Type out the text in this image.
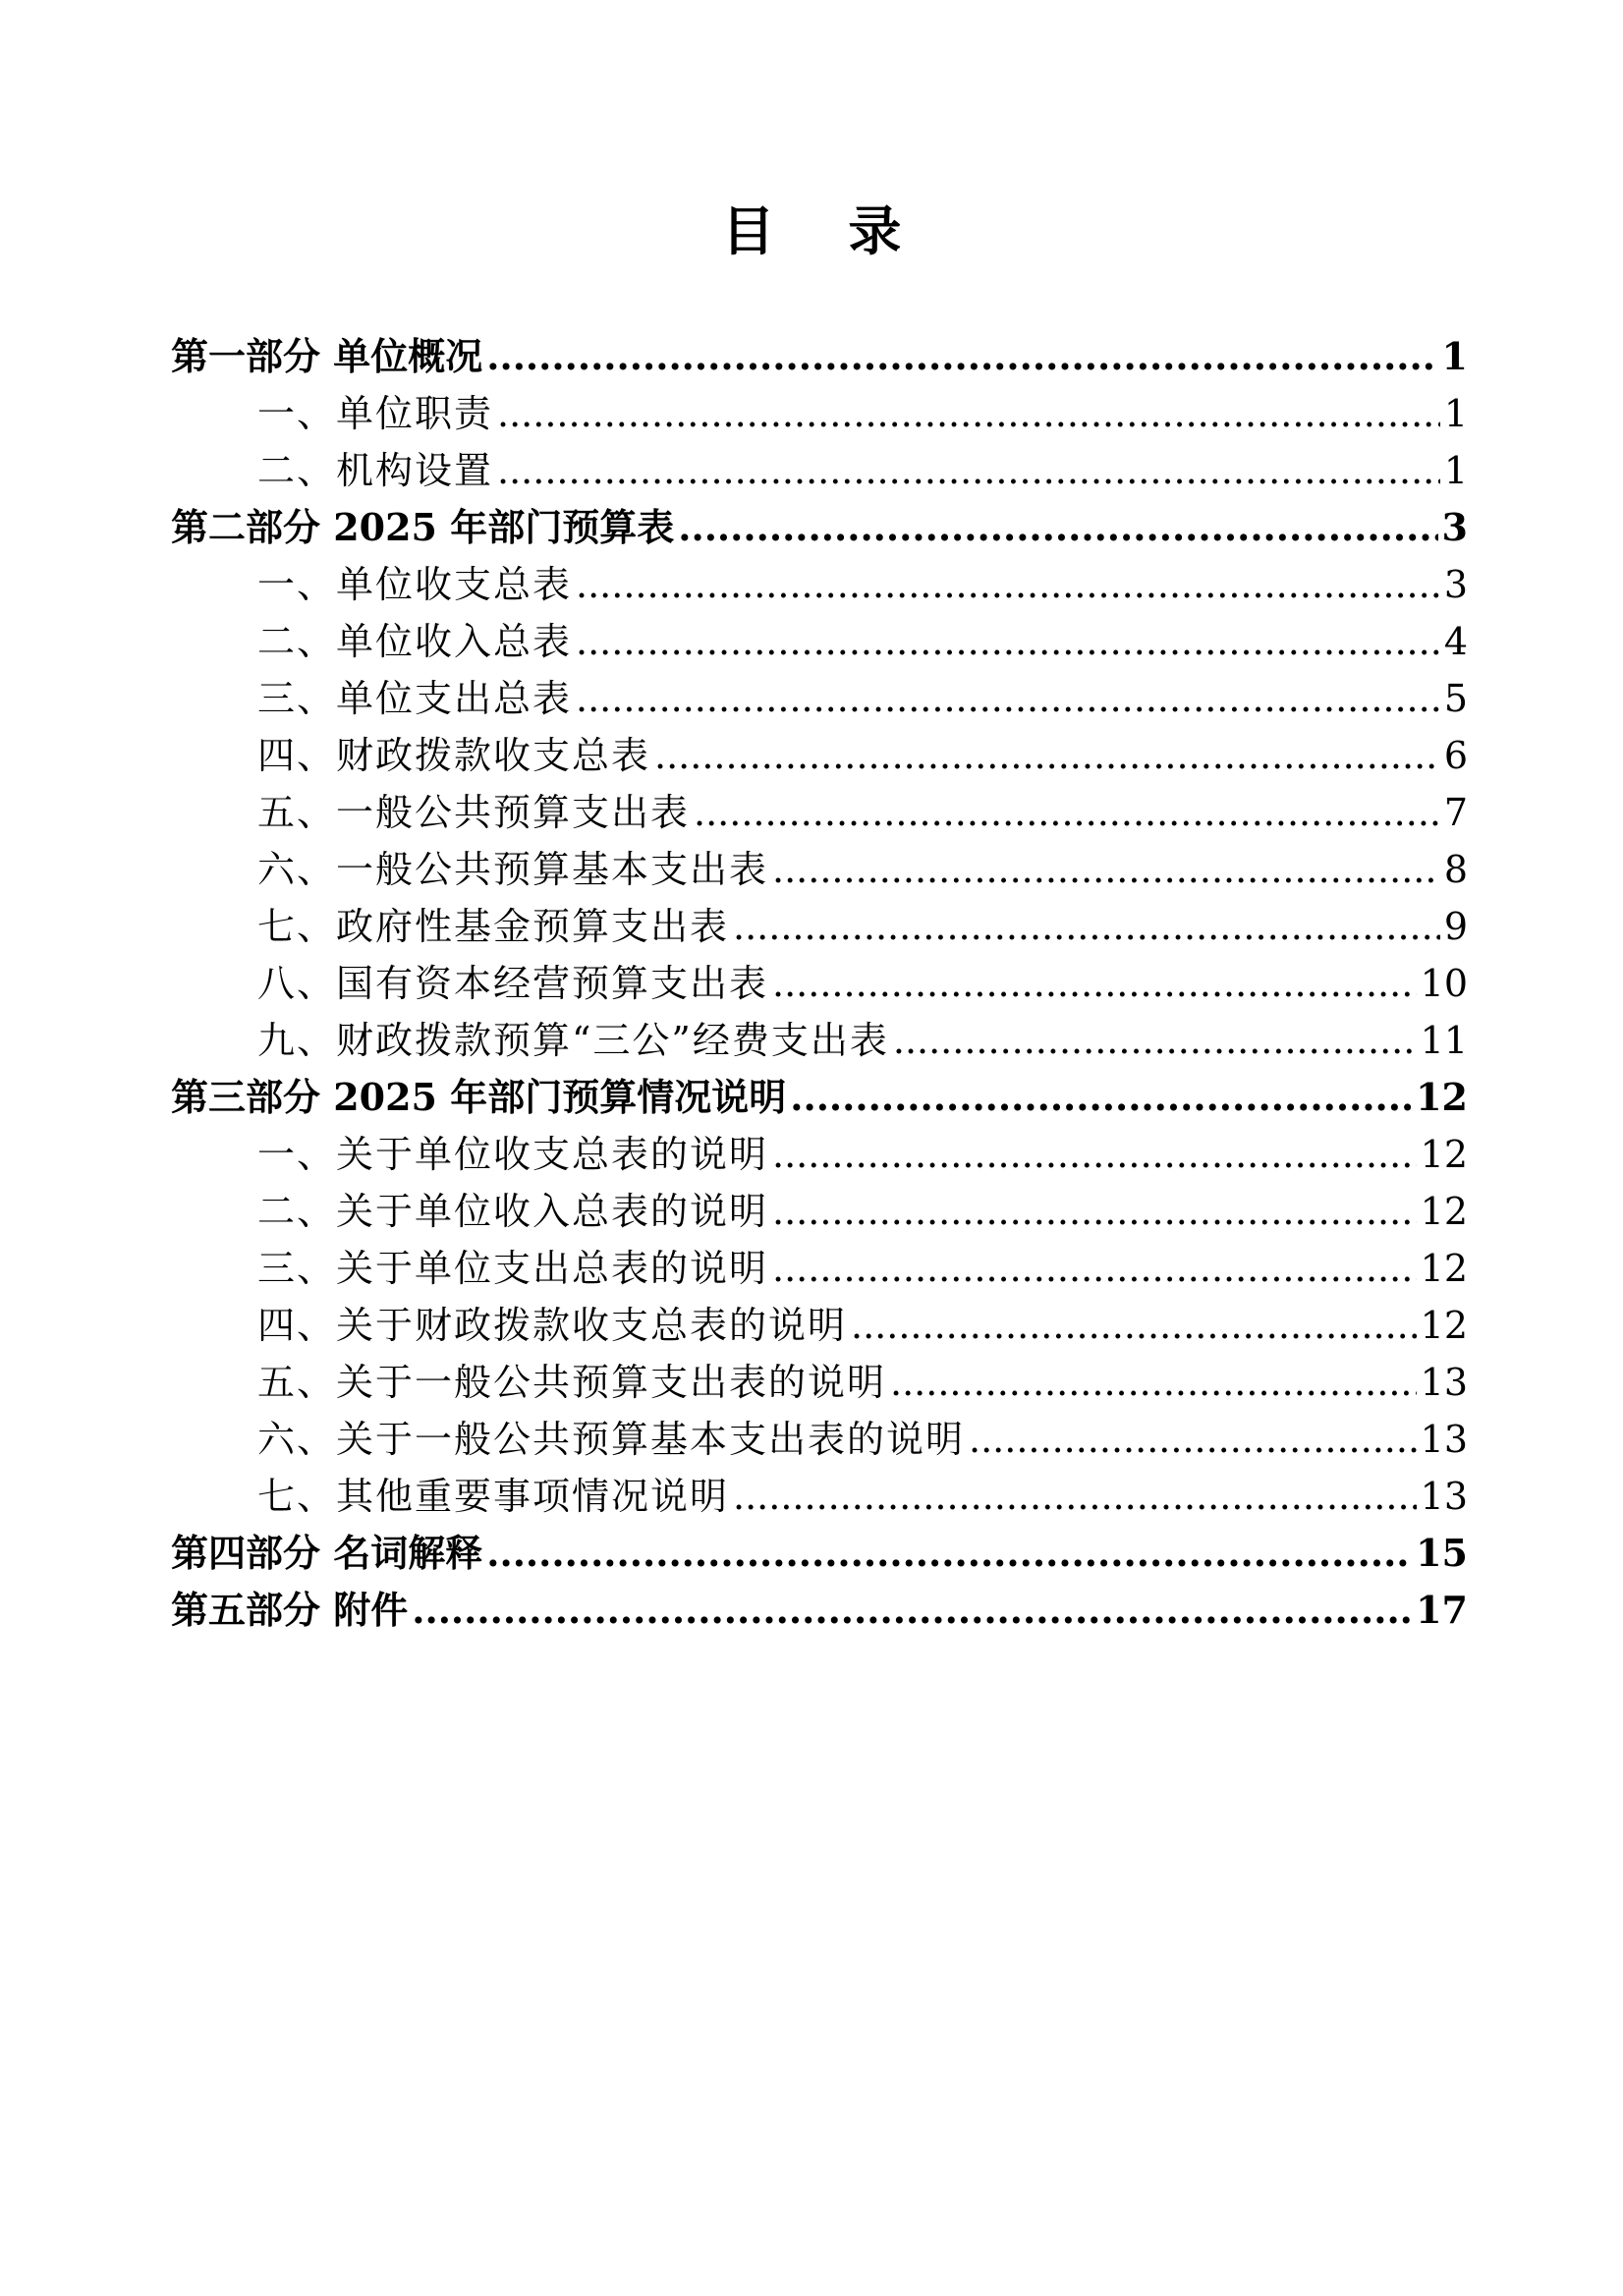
目 录
第一部分 单位概况 .....	1
一、单位职责 .....	1
二、机构设置 .....	1
第二部分 2025 年部门预算表 .....	3
一、单位收支总表 .....	3
二、单位收入总表 .....	4
三、单位支出总表 .....	5
四、财政拨款收支总表 .....	6
五、一般公共预算支出表 .....	7
六、一般公共预算基本支出表 .....	8
七、政府性基金预算支出表 .....	9
八、国有资本经营预算支出表 .....	10
九、财政拨款预算“三公”经费支出表 .....	11
第三部分 2025 年部门预算情况说明 .....	12
一、关于单位收支总表的说明 .....	12
二、关于单位收入总表的说明 .....	12
三、关于单位支出总表的说明 .....	12
四、关于财政拨款收支总表的说明 .....	12
五、关于一般公共预算支出表的说明 .....	13
六、关于一般公共预算基本支出表的说明 .....	13
七、其他重要事项情况说明 .....	13
第四部分 名词解释 .....	15
第五部分 附件 .....	17
